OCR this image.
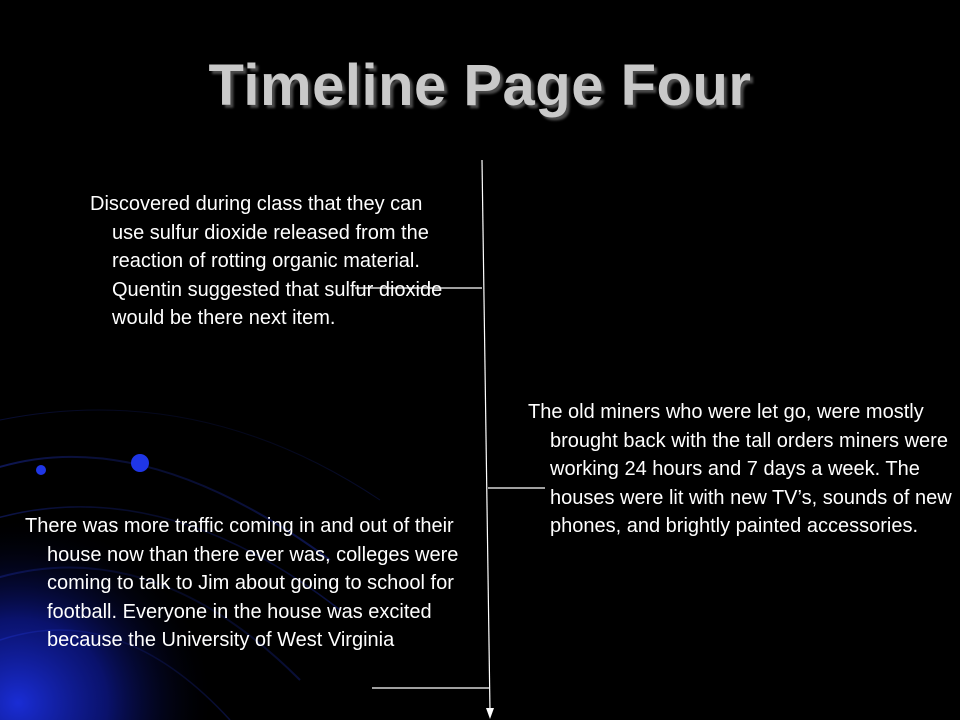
Timeline Page Four
Discovered during class that they can use sulfur dioxide released from the reaction of rotting organic material. Quentin suggested that sulfur dioxide would be there next item.
The old miners who were let go, were mostly brought back with the tall orders miners were working 24 hours and 7 days a week. The houses were lit with new TV’s, sounds of new phones, and brightly painted accessories.
There was more traffic coming in and out of their house now than there ever was, colleges were coming to talk to Jim about going to school for football. Everyone in the house was excited because the University of West Virginia
